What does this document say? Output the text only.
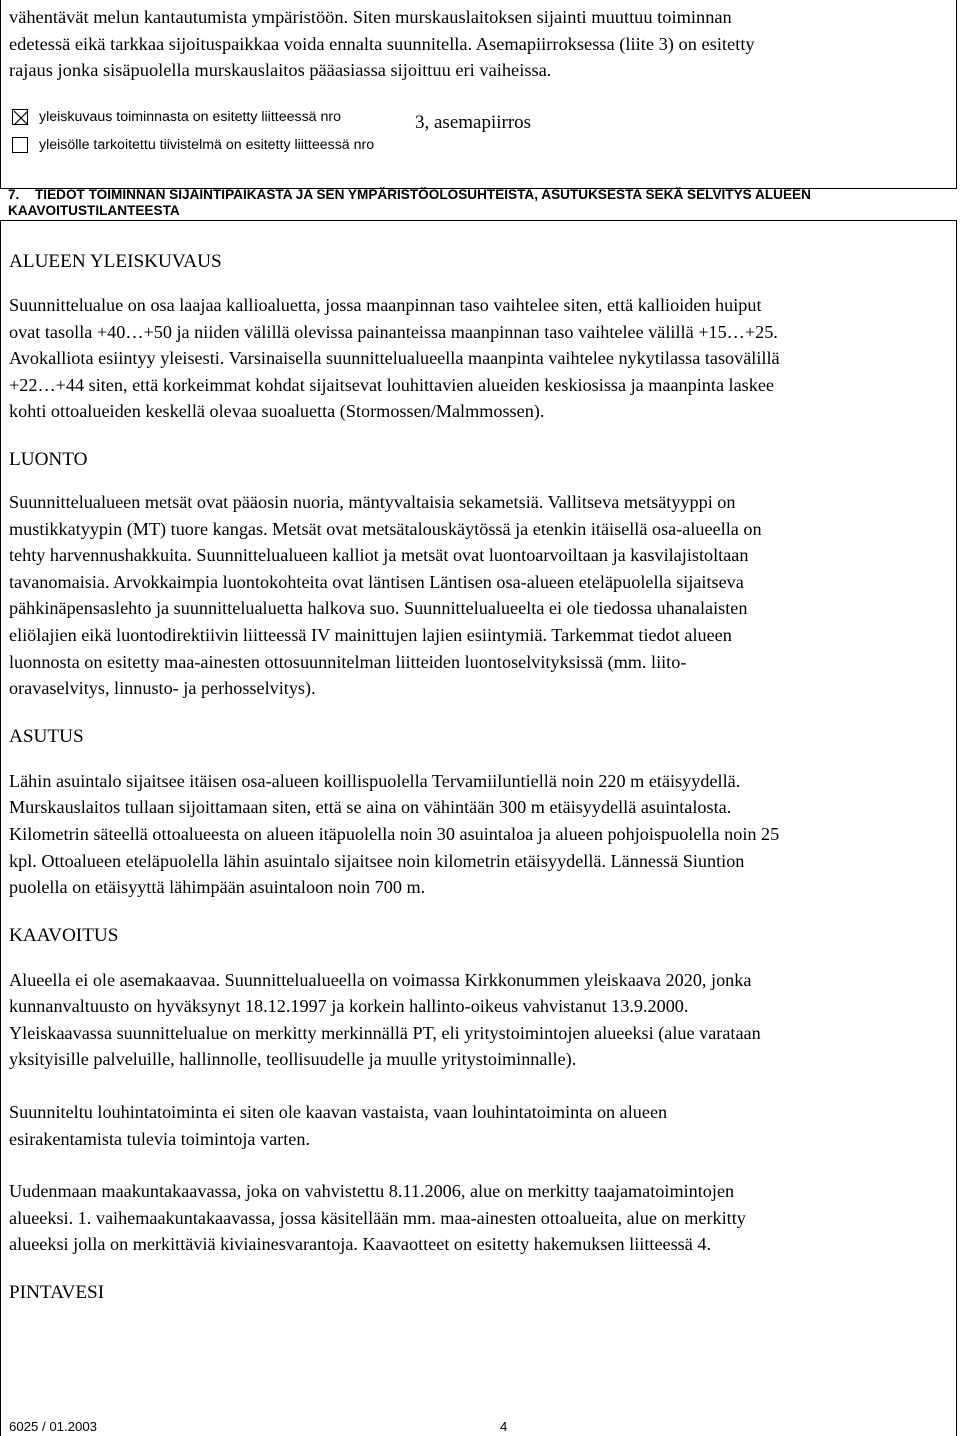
vähentävät melun kantautumista ympäristöön. Siten murskauslaitoksen sijainti muuttuu toiminnan
edetessä eikä tarkkaa sijoituspaikkaa voida ennalta suunnitella. Asemapiirroksessa (liite 3) on esitetty
rajaus jonka sisäpuolella murskauslaitos pääasiassa sijoittuu eri vaiheissa.
yleiskuvaus toiminnasta on esitetty liitteessä nro
yleisölle tarkoitettu tiivistelmä on esitetty liitteessä nro
3, asemapiirros
7. TIEDOT TOIMINNAN SIJAINTIPAIKASTA JA SEN YMPÄRISTÖOLOSUHTEISTA, ASUTUKSESTA SEKÄ SELVITYS ALUEEN
KAAVOITUSTILANTEESTA
ALUEEN YLEISKUVAUS

Suunnittelualue on osa laajaa kallioaluetta, jossa maanpinnan taso vaihtelee siten, että kallioiden huiput
ovat tasolla +40…+50 ja niiden välillä olevissa painanteissa maanpinnan taso vaihtelee välillä +15…+25.
Avokalliota esiintyy yleisesti. Varsinaisella suunnittelualueella maanpinta vaihtelee nykytilassa tasovälillä
+22…+44 siten, että korkeimmat kohdat sijaitsevat louhittavien alueiden keskiosissa ja maanpinta laskee
kohti ottoalueiden keskellä olevaa suoaluetta (Stormossen/Malmmossen).

LUONTO

Suunnittelualueen metsät ovat pääosin nuoria, mäntyvaltaisia sekametsiä. Vallitseva metsätyyppi on
mustikkatyypin (MT) tuore kangas. Metsät ovat metsätalouskäytössä ja etenkin itäisellä osa-alueella on
tehty harvennushakkuita. Suunnittelualueen kalliot ja metsät ovat luontoarvoiltaan ja kasvilajistoltaan
tavanomaisia. Arvokkaimpia luontokohteita ovat läntisen Läntisen osa-alueen eteläpuolella sijaitseva
pähkinäpensaslehto ja suunnittelualuetta halkova suo. Suunnittelualueelta ei ole tiedossa uhanalaisten
eliölajien eikä luontodirektiivin liitteessä IV mainittujen lajien esiintymiä. Tarkemmat tiedot alueen
luonnosta on esitetty maa-ainesten ottosuunnitelman liitteiden luontoselvityksissä (mm. liito-
oravaselvitys, linnusto- ja perhosselvitys).

ASUTUS

Lähin asuintalo sijaitsee itäisen osa-alueen koillispuolella Tervamiiluntiellä noin 220 m etäisyydellä.
Murskauslaitos tullaan sijoittamaan siten, että se aina on vähintään 300 m etäisyydellä asuintalosta.
Kilometrin säteellä ottoalueesta on alueen itäpuolella noin 30 asuintaloa ja alueen pohjoispuolella noin 25
kpl. Ottoalueen eteläpuolella lähin asuintalo sijaitsee noin kilometrin etäisyydellä. Lännessä Siuntion
puolella on etäisyyttä lähimpään asuintaloon noin 700 m.

KAAVOITUS

Alueella ei ole asemakaavaa. Suunnittelualueella on voimassa Kirkkonummen yleiskaava 2020, jonka
kunnanvaltuusto on hyväksynyt 18.12.1997 ja korkein hallinto-oikeus vahvistanut 13.9.2000.
Yleiskaavassa suunnittelualue on merkitty merkinnällä PT, eli yritystoimintojen alueeksi (alue varataan
yksityisille palveluille, hallinnolle, teollisuudelle ja muulle yritystoiminnalle).

Suunniteltu louhintatoiminta ei siten ole kaavan vastaista, vaan louhintatoiminta on alueen
esirakentamista tulevia toimintoja varten.

Uudenmaan maakuntakaavassa, joka on vahvistettu 8.11.2006, alue on merkitty taajamatoimintojen
alueeksi. 1. vaihemaakuntakaavassa, jossa käsitellään mm. maa-ainesten ottoalueita, alue on merkitty
alueeksi jolla on merkittäviä kiviainesvarantoja. Kaavaotteet on esitetty hakemuksen liitteessä 4.

PINTAVESI
6025 / 01.2003	4
